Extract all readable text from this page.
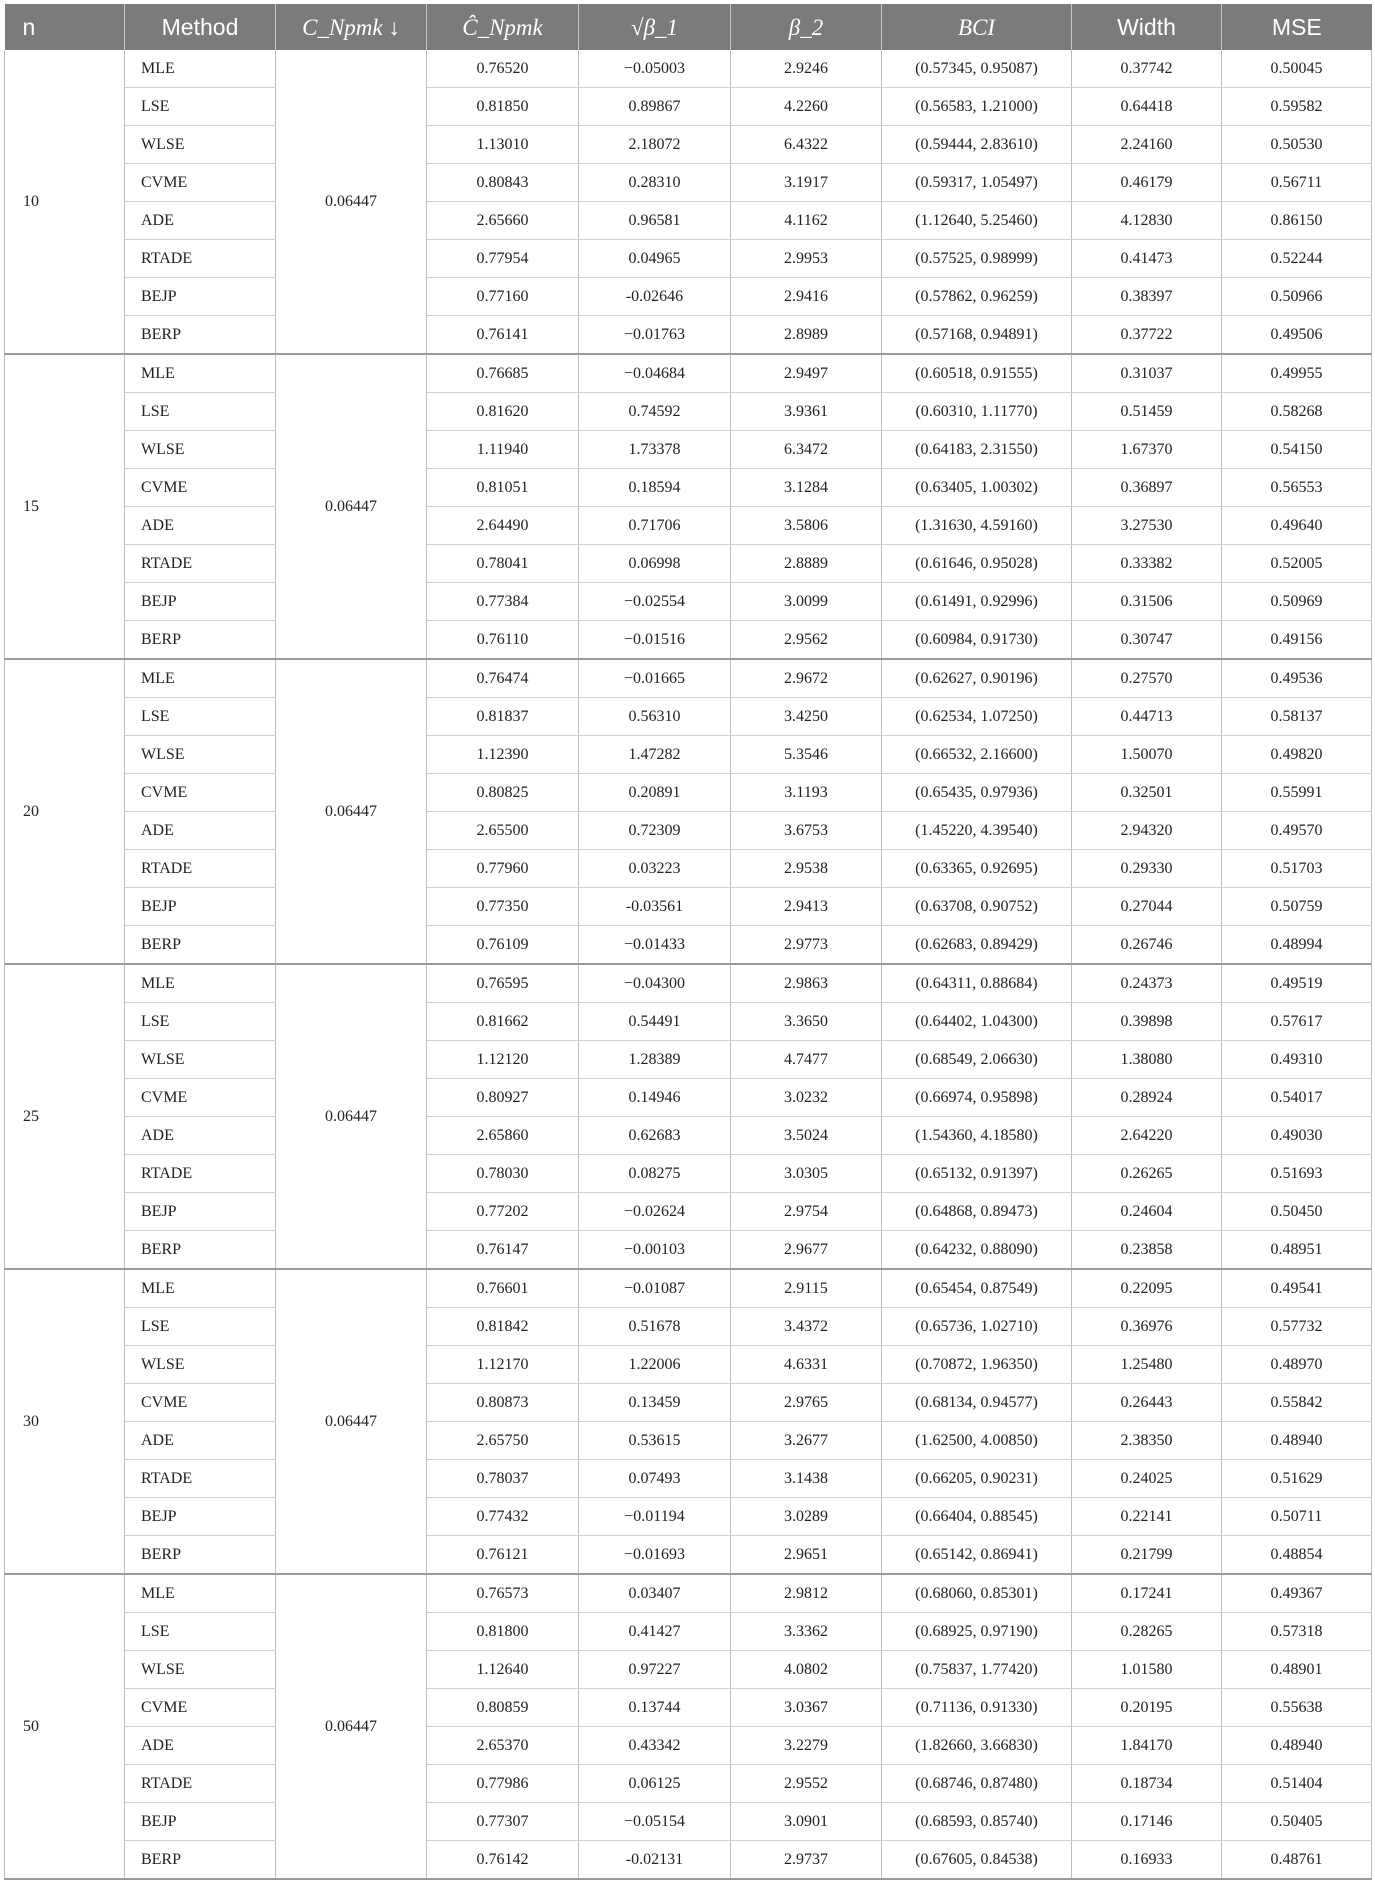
n	Method	C_Npmk ↓	Ĉ_Npmk	√β_1	β_2	BCI	Width	MSE
10	MLE	0.06447	0.76520	−0.05003	2.9246	(0.57345, 0.95087)	0.37742	0.50045
	LSE		0.81850	0.89867	4.2260	(0.56583, 1.21000)	0.64418	0.59582
	WLSE		1.13010	2.18072	6.4322	(0.59444, 2.83610)	2.24160	0.50530
	CVME		0.80843	0.28310	3.1917	(0.59317, 1.05497)	0.46179	0.56711
	ADE		2.65660	0.96581	4.1162	(1.12640, 5.25460)	4.12830	0.86150
	RTADE		0.77954	0.04965	2.9953	(0.57525, 0.98999)	0.41473	0.52244
	BEJP		0.77160	-0.02646	2.9416	(0.57862, 0.96259)	0.38397	0.50966
	BERP		0.76141	−0.01763	2.8989	(0.57168, 0.94891)	0.37722	0.49506
15	MLE	0.06447	0.76685	−0.04684	2.9497	(0.60518, 0.91555)	0.31037	0.49955
	LSE		0.81620	0.74592	3.9361	(0.60310, 1.11770)	0.51459	0.58268
	WLSE		1.11940	1.73378	6.3472	(0.64183, 2.31550)	1.67370	0.54150
	CVME		0.81051	0.18594	3.1284	(0.63405, 1.00302)	0.36897	0.56553
	ADE		2.64490	0.71706	3.5806	(1.31630, 4.59160)	3.27530	0.49640
	RTADE		0.78041	0.06998	2.8889	(0.61646, 0.95028)	0.33382	0.52005
	BEJP		0.77384	−0.02554	3.0099	(0.61491, 0.92996)	0.31506	0.50969
	BERP		0.76110	−0.01516	2.9562	(0.60984, 0.91730)	0.30747	0.49156
20	MLE	0.06447	0.76474	−0.01665	2.9672	(0.62627, 0.90196)	0.27570	0.49536
	LSE		0.81837	0.56310	3.4250	(0.62534, 1.07250)	0.44713	0.58137
	WLSE		1.12390	1.47282	5.3546	(0.66532, 2.16600)	1.50070	0.49820
	CVME		0.80825	0.20891	3.1193	(0.65435, 0.97936)	0.32501	0.55991
	ADE		2.65500	0.72309	3.6753	(1.45220, 4.39540)	2.94320	0.49570
	RTADE		0.77960	0.03223	2.9538	(0.63365, 0.92695)	0.29330	0.51703
	BEJP		0.77350	-0.03561	2.9413	(0.63708, 0.90752)	0.27044	0.50759
	BERP		0.76109	−0.01433	2.9773	(0.62683, 0.89429)	0.26746	0.48994
25	MLE	0.06447	0.76595	−0.04300	2.9863	(0.64311, 0.88684)	0.24373	0.49519
	LSE		0.81662	0.54491	3.3650	(0.64402, 1.04300)	0.39898	0.57617
	WLSE		1.12120	1.28389	4.7477	(0.68549, 2.06630)	1.38080	0.49310
	CVME		0.80927	0.14946	3.0232	(0.66974, 0.95898)	0.28924	0.54017
	ADE		2.65860	0.62683	3.5024	(1.54360, 4.18580)	2.64220	0.49030
	RTADE		0.78030	0.08275	3.0305	(0.65132, 0.91397)	0.26265	0.51693
	BEJP		0.77202	−0.02624	2.9754	(0.64868, 0.89473)	0.24604	0.50450
	BERP		0.76147	−0.00103	2.9677	(0.64232, 0.88090)	0.23858	0.48951
30	MLE	0.06447	0.76601	−0.01087	2.9115	(0.65454, 0.87549)	0.22095	0.49541
	LSE		0.81842	0.51678	3.4372	(0.65736, 1.02710)	0.36976	0.57732
	WLSE		1.12170	1.22006	4.6331	(0.70872, 1.96350)	1.25480	0.48970
	CVME		0.80873	0.13459	2.9765	(0.68134, 0.94577)	0.26443	0.55842
	ADE		2.65750	0.53615	3.2677	(1.62500, 4.00850)	2.38350	0.48940
	RTADE		0.78037	0.07493	3.1438	(0.66205, 0.90231)	0.24025	0.51629
	BEJP		0.77432	−0.01194	3.0289	(0.66404, 0.88545)	0.22141	0.50711
	BERP		0.76121	−0.01693	2.9651	(0.65142, 0.86941)	0.21799	0.48854
50	MLE	0.06447	0.76573	0.03407	2.9812	(0.68060, 0.85301)	0.17241	0.49367
	LSE		0.81800	0.41427	3.3362	(0.68925, 0.97190)	0.28265	0.57318
	WLSE		1.12640	0.97227	4.0802	(0.75837, 1.77420)	1.01580	0.48901
	CVME		0.80859	0.13744	3.0367	(0.71136, 0.91330)	0.20195	0.55638
	ADE		2.65370	0.43342	3.2279	(1.82660, 3.66830)	1.84170	0.48940
	RTADE		0.77986	0.06125	2.9552	(0.68746, 0.87480)	0.18734	0.51404
	BEJP		0.77307	−0.05154	3.0901	(0.68593, 0.85740)	0.17146	0.50405
	BERP		0.76142	-0.02131	2.9737	(0.67605, 0.84538)	0.16933	0.48761
